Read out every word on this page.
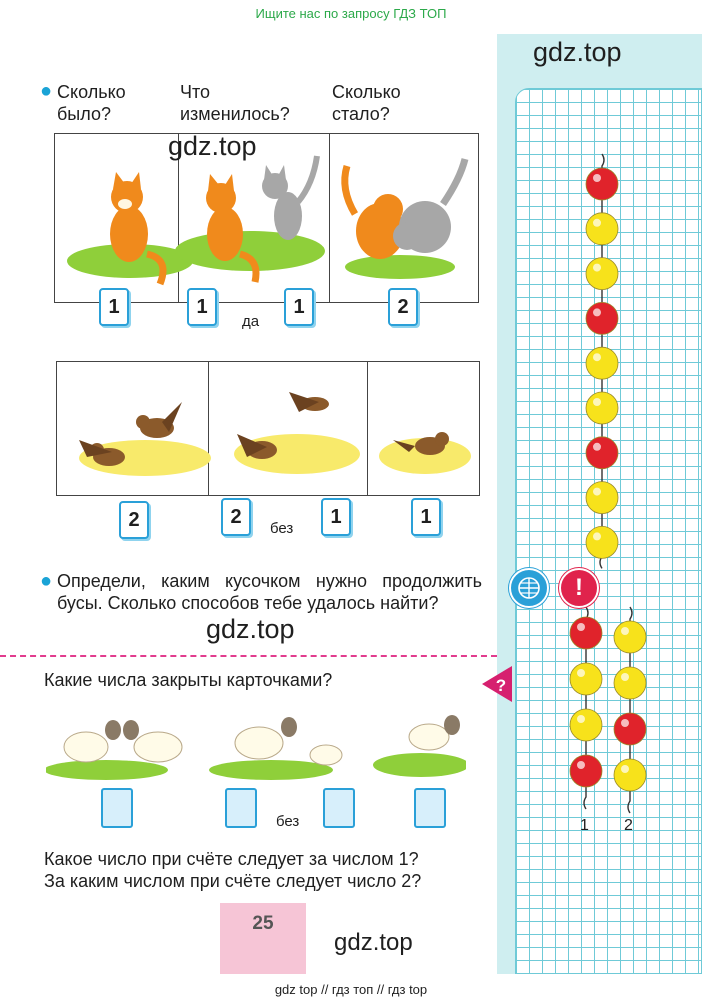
Ищите нас по запросу ГДЗ ТОП
gdz.top
!
1 2
?
● Сколько было?
Что изменилось?
Сколько стало?
1	1
да
1	2
gdz.top
2	2
без
1	1
● Определи, каким кусочком нужно продолжить бусы. Сколько способов тебе удалось найти?
gdz.top
Какие числа закрыты карточками?
без
Какое число при счёте следует за числом 1?
За каким числом при счёте следует число 2?
25
gdz.top
gdz top // гдз топ // гдз top
